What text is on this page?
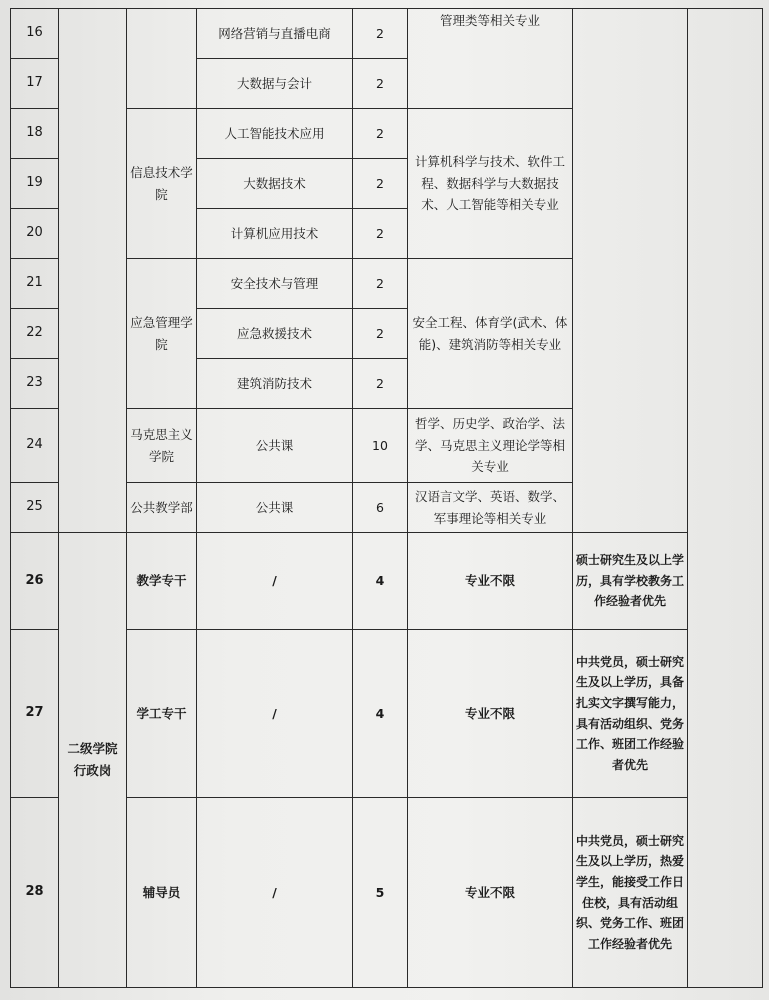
16			网络营销与直播电商	2	管理类等相关专业		
17			大数据与会计	2			
18		信息技术学院	人工智能技术应用	2	计算机科学与技术、软件工程、数据科学与大数据技术、人工智能等相关专业		
19			大数据技术	2			
20			计算机应用技术	2			
21		应急管理学院	安全技术与管理	2	安全工程、体育学(武术、体能)、建筑消防等相关专业		
22			应急救援技术	2			
23			建筑消防技术	2			
24		马克思主义学院	公共课	10	哲学、历史学、政治学、法学、马克思主义理论学等相关专业		
25		公共教学部	公共课	6	汉语言文学、英语、数学、军事理论等相关专业		
26	二级学院行政岗	教学专干	/	4	专业不限	硕士研究生及以上学历，具有学校教务工作经验者优先	
27		学工专干	/	4	专业不限	中共党员，硕士研究生及以上学历，具备扎实文字撰写能力，具有活动组织、党务工作、班团工作经验者优先	
28		辅导员	/	5	专业不限	中共党员，硕士研究生及以上学历，热爱学生，能接受工作日住校，具有活动组织、党务工作、班团工作经验者优先	
